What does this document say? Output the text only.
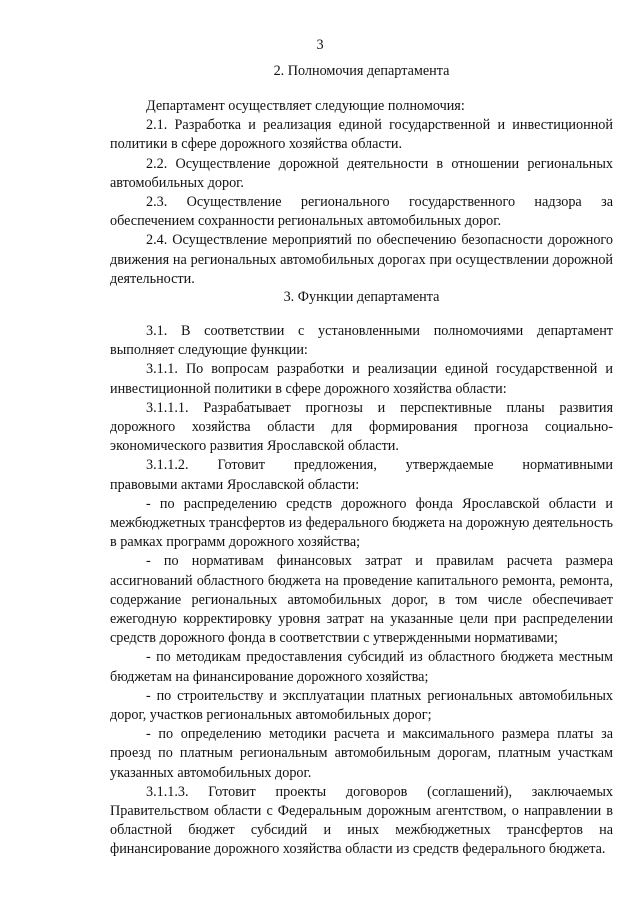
3
2. Полномочия департамента

Департамент осуществляет следующие полномочия:

2.1. Разработка и реализация единой государственной и инвестиционной политики в сфере дорожного хозяйства области.

2.2. Осуществление дорожной деятельности в отношении региональных автомобильных дорог.

2.3. Осуществление регионального государственного надзора за обеспечением сохранности региональных автомобильных дорог.

2.4. Осуществление мероприятий по обеспечению безопасности дорожного движения на региональных автомобильных дорогах при осуществлении дорожной деятельности.

3. Функции департамента

3.1. В соответствии с установленными полномочиями департамент выполняет следующие функции:

3.1.1. По вопросам разработки и реализации единой государственной и инвестиционной политики в сфере дорожного хозяйства области:

3.1.1.1. Разрабатывает прогнозы и перспективные планы развития дорожного хозяйства области для формирования прогноза социально-экономического развития Ярославской области.

3.1.1.2. Готовит предложения, утверждаемые нормативными

правовыми актами Ярославской области:

- по распределению средств дорожного фонда Ярославской области и межбюджетных трансфертов из федерального бюджета на дорожную деятельность в рамках программ дорожного хозяйства;

- по нормативам финансовых затрат и правилам расчета размера ассигнований областного бюджета на проведение капитального ремонта, ремонта, содержание региональных автомобильных дорог, в том числе обеспечивает ежегодную корректировку уровня затрат на указанные цели при распределении средств дорожного фонда в соответствии с утвержденными нормативами;

- по методикам предоставления субсидий из областного бюджета местным бюджетам на финансирование дорожного хозяйства;

- по строительству и эксплуатации платных региональных автомобильных дорог, участков региональных автомобильных дорог;

- по определению методики расчета и максимального размера платы за проезд по платным региональным автомобильным дорогам, платным участкам указанных автомобильных дорог.

3.1.1.3. Готовит проекты договоров (соглашений), заключаемых Правительством области с Федеральным дорожным агентством, о направлении в областной бюджет субсидий и иных межбюджетных трансфертов на финансирование дорожного хозяйства области из средств федерального бюджета.
